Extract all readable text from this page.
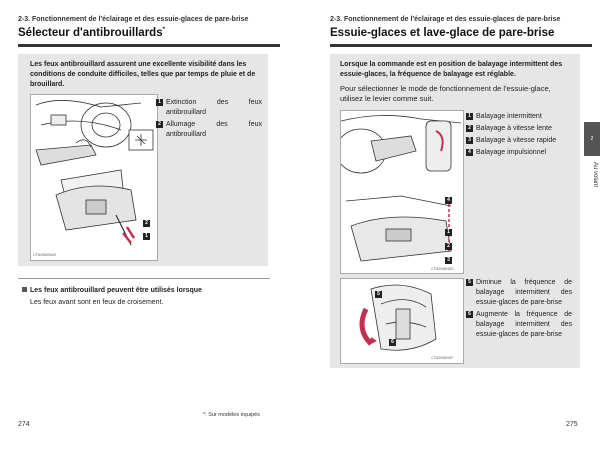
2-3. Fonctionnement de l'éclairage et des essuie-glaces de pare-brise
Sélecteur d'antibrouillards*
Les feux antibrouillard assurent une excellente visibilité dans les conditions de conduite difficiles, telles que par temps de pluie et de brouillard.
2
1
CTN29MINWS
1 Extinction des feux
antibrouillard
2 Allumage des feux
antibrouillard
Les feux antibrouillard peuvent être utilisés lorsque
Les feux avant sont en feux de croisement.
*: Sur modèles équipés
274
2-3. Fonctionnement de l'éclairage et des essuie-glaces de pare-brise
Essuie-glaces et lave-glace de pare-brise
Lorsque la commande est en position de balayage intermittent des essuie-glaces, la fréquence de balayage est réglable.
Pour sélectionner le mode de fonctionnement de l'essuie-glace, utilisez le levier comme suit.
4
1
2
3
CTN29WINSD
1 Balayage intermittent
2 Balayage à vitesse lente
3 Balayage à vitesse rapide
4 Balayage impulsionnel
5
6
CTN29WINSF
5 Diminue la fréquence de
balayage intermittent des
essuie-glaces de pare-brise
6 Augmente la fréquence de
balayage intermittent des
essuie-glaces de pare-brise
2
Au volant
275
